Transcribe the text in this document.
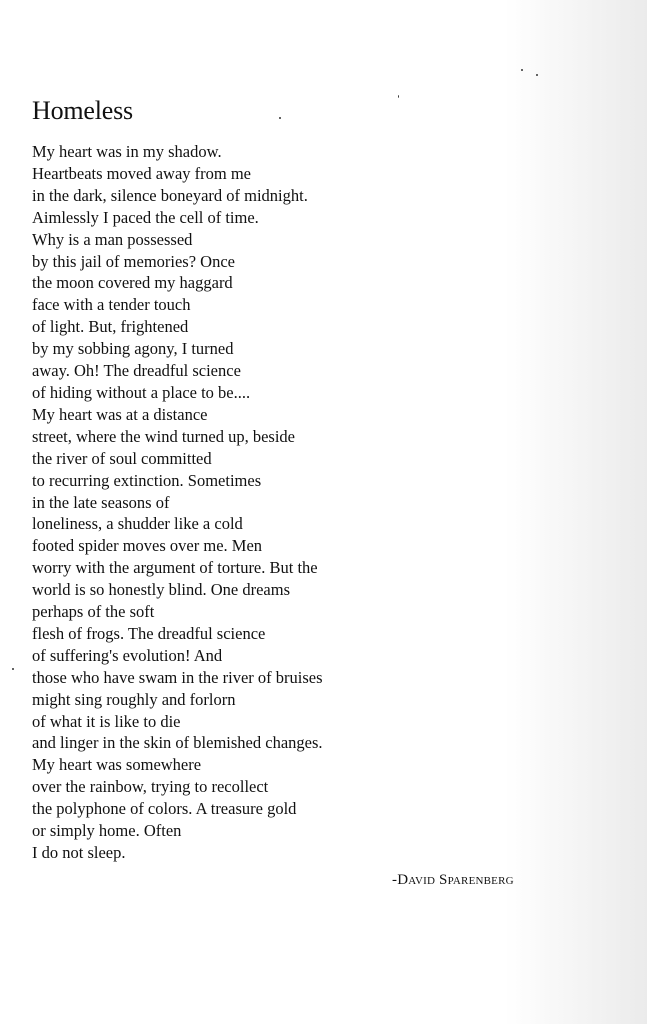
Homeless
My heart was in my shadow.
Heartbeats moved away from me
in the dark, silence boneyard of midnight.
Aimlessly I paced the cell of time.
Why is a man possessed
by this jail of memories? Once
the moon covered my haggard
face with a tender touch
of light. But, frightened
by my sobbing agony, I turned
away. Oh! The dreadful science
of hiding without a place to be....
My heart was at a distance
street, where the wind turned up, beside
the river of soul committed
to recurring extinction. Sometimes
in the late seasons of
loneliness, a shudder like a cold
footed spider moves over me. Men
worry with the argument of torture. But the
world is so honestly blind. One dreams
perhaps of the soft
flesh of frogs. The dreadful science
of suffering's evolution! And
those who have swam in the river of bruises
might sing roughly and forlorn
of what it is like to die
and linger in the skin of blemished changes.
My heart was somewhere
over the rainbow, trying to recollect
the polyphone of colors. A treasure gold
or simply home. Often
I do not sleep.
-David Sparenberg
